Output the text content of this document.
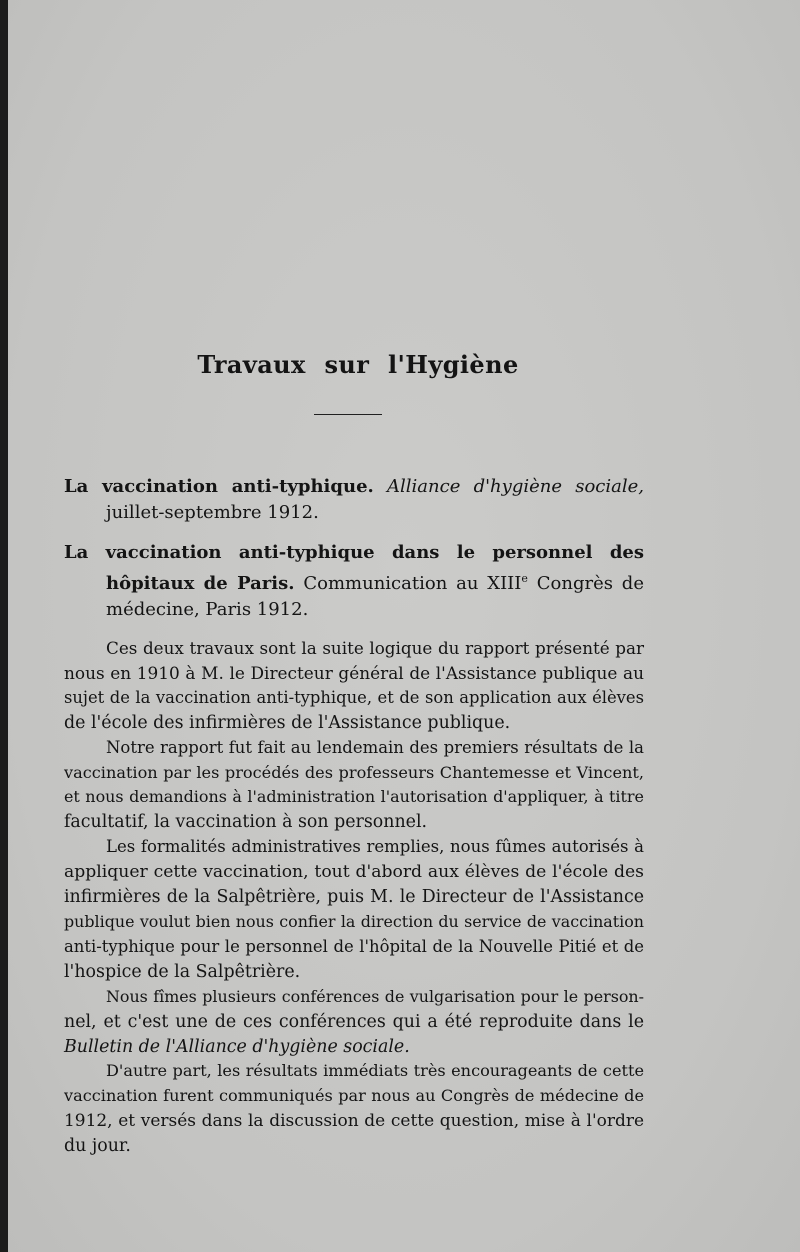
Travaux sur l'Hygiène
La vaccination anti-typhique. Alliance d'hygiène sociale, juillet-septembre 1912.
La vaccination anti-typhique dans le personnel des hôpitaux de Paris. Communication au XIIIe Congrès de médecine, Paris 1912.

Ces deux travaux sont la suite logique du rapport présenté par
nous en 1910 à M. le Directeur général de l'Assistance publique au
sujet de la vaccination anti-typhique, et de son application aux élèves
de l'école des infirmières de l'Assistance publique.

Notre rapport fut fait au lendemain des premiers résultats de la
vaccination par les procédés des professeurs Chantemesse et Vincent,
et nous demandions à l'administration l'autorisation d'appliquer, à titre
facultatif, la vaccination à son personnel.

Les formalités administratives remplies, nous fûmes autorisés à
appliquer cette vaccination, tout d'abord aux élèves de l'école des
infirmières de la Salpêtrière, puis M. le Directeur de l'Assistance
publique voulut bien nous confier la direction du service de vaccination
anti-typhique pour le personnel de l'hôpital de la Nouvelle Pitié et de
l'hospice de la Salpêtrière.

Nous fîmes plusieurs conférences de vulgarisation pour le person-
nel, et c'est une de ces conférences qui a été reproduite dans le
Bulletin de l'Alliance d'hygiène sociale.

D'autre part, les résultats immédiats très encourageants de cette
vaccination furent communiqués par nous au Congrès de médecine de
1912, et versés dans la discussion de cette question, mise à l'ordre
du jour.
